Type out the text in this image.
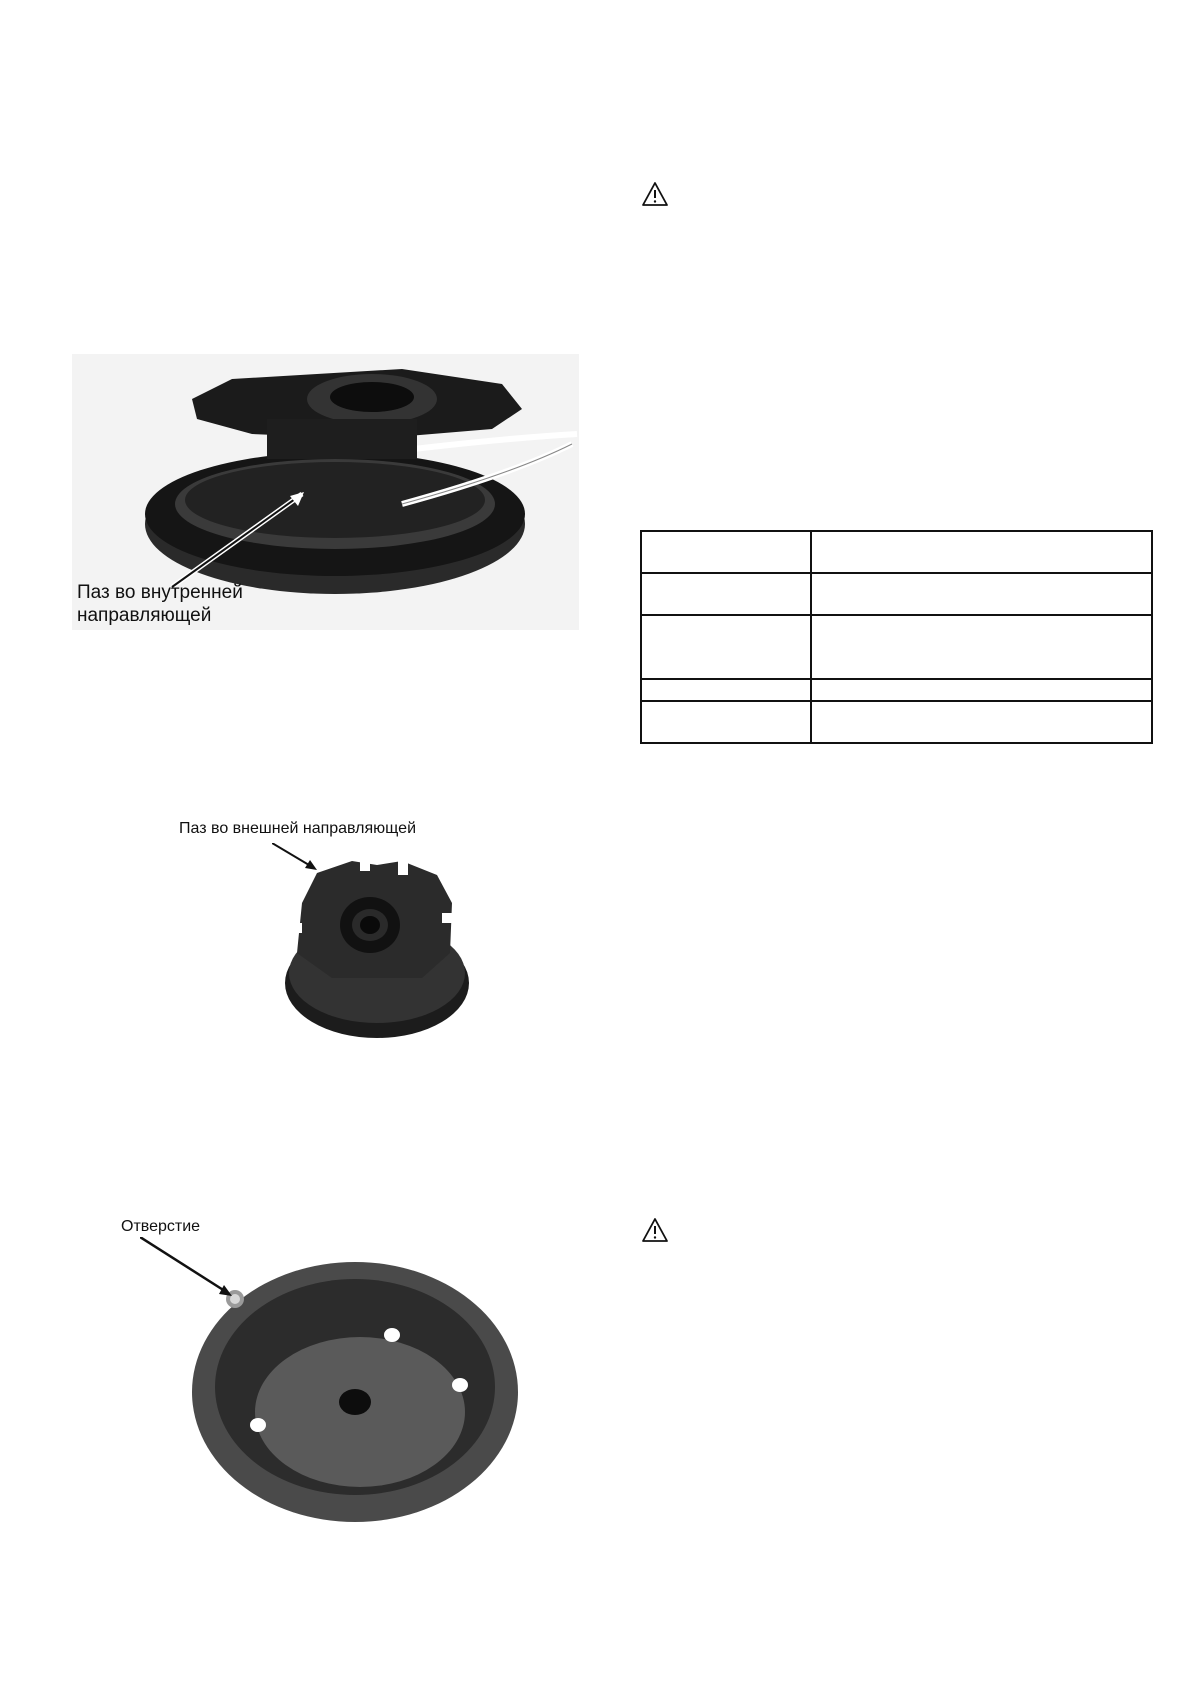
Паз во внутренней
направляющей

Паз во внешней направляющей
Отверстие
